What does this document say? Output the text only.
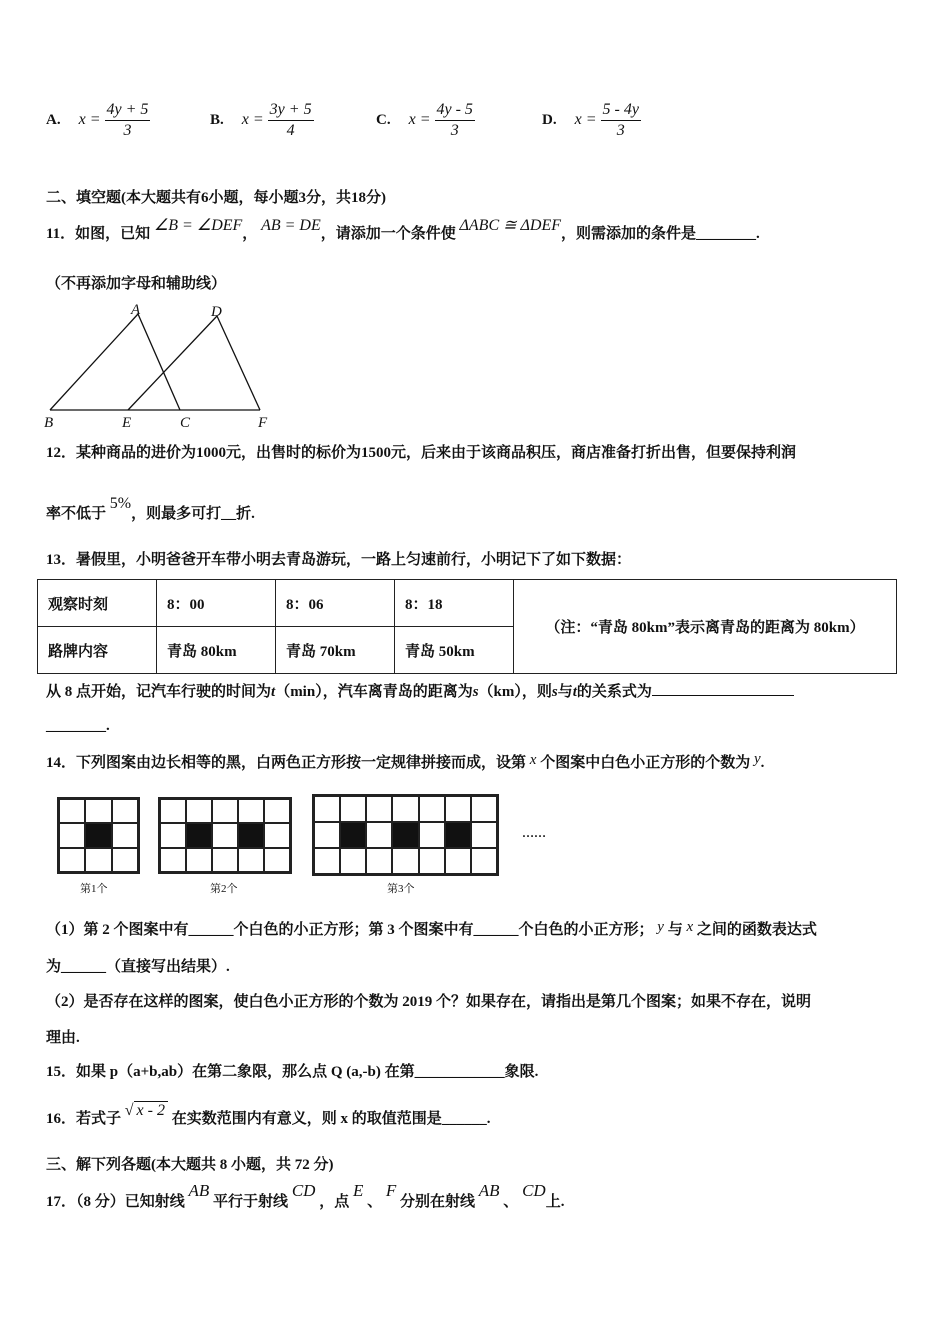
A. $x = \frac{4y + 5}{3}$	B. $x = \frac{3y + 5}{4}$	C. $x = \frac{4y - 5}{3}$	D. $x = \frac{5 - 4y}{3}$
二、填空题(本大题共有6小题，每小题3分，共18分)
11．如图，已知 ∠B = ∠DEF， AB = DE，请添加一个条件使 ΔABC ≅ ΔDEF，则需添加的条件是________.
（不再添加字母和辅助线）
A	D
B	E	C	F
12．某种商品的进价为1000元，出售时的标价为1500元，后来由于该商品积压，商店准备打折出售，但要保持利润
率不低于 5%，则最多可打__折.
13．暑假里，小明爸爸开车带小明去青岛游玩，一路上匀速前行，小明记下了如下数据：
观察时刻	8：00	8：06	8：18	（注：“青岛 80km”表示离青岛的距离为 80km）
路牌内容	青岛 80km	青岛 70km	青岛 50km	
从 8 点开始，记汽车行驶的时间为t（min），汽车离青岛的距离为s（km），则s与t的关系式为
________.
14．下列图案由边长相等的黑，白两色正方形按一定规律拼接而成，设第 x 个图案中白色小正方形的个数为 y.
……
第1个	第2个	第3个
（1）第 2 个图案中有______个白色的小正方形；第 3 个图案中有______个白色的小正方形； y 与 x 之间的函数表达式
为______（直接写出结果）.
（2）是否存在这样的图案，使白色小正方形的个数为 2019 个？如果存在，请指出是第几个图案；如果不存在，说明
理由.
15．如果 p（a+b,ab）在第二象限，那么点 Q (a,-b) 在第____________象限.
16．若式子 √ x - 2 在实数范围内有意义，则 x 的取值范围是______.
三、解下列各题(本大题共 8 小题，共 72 分)
17．（8 分）已知射线 AB 平行于射线 CD ，点 E 、 F 分别在射线 AB 、 CD上.
